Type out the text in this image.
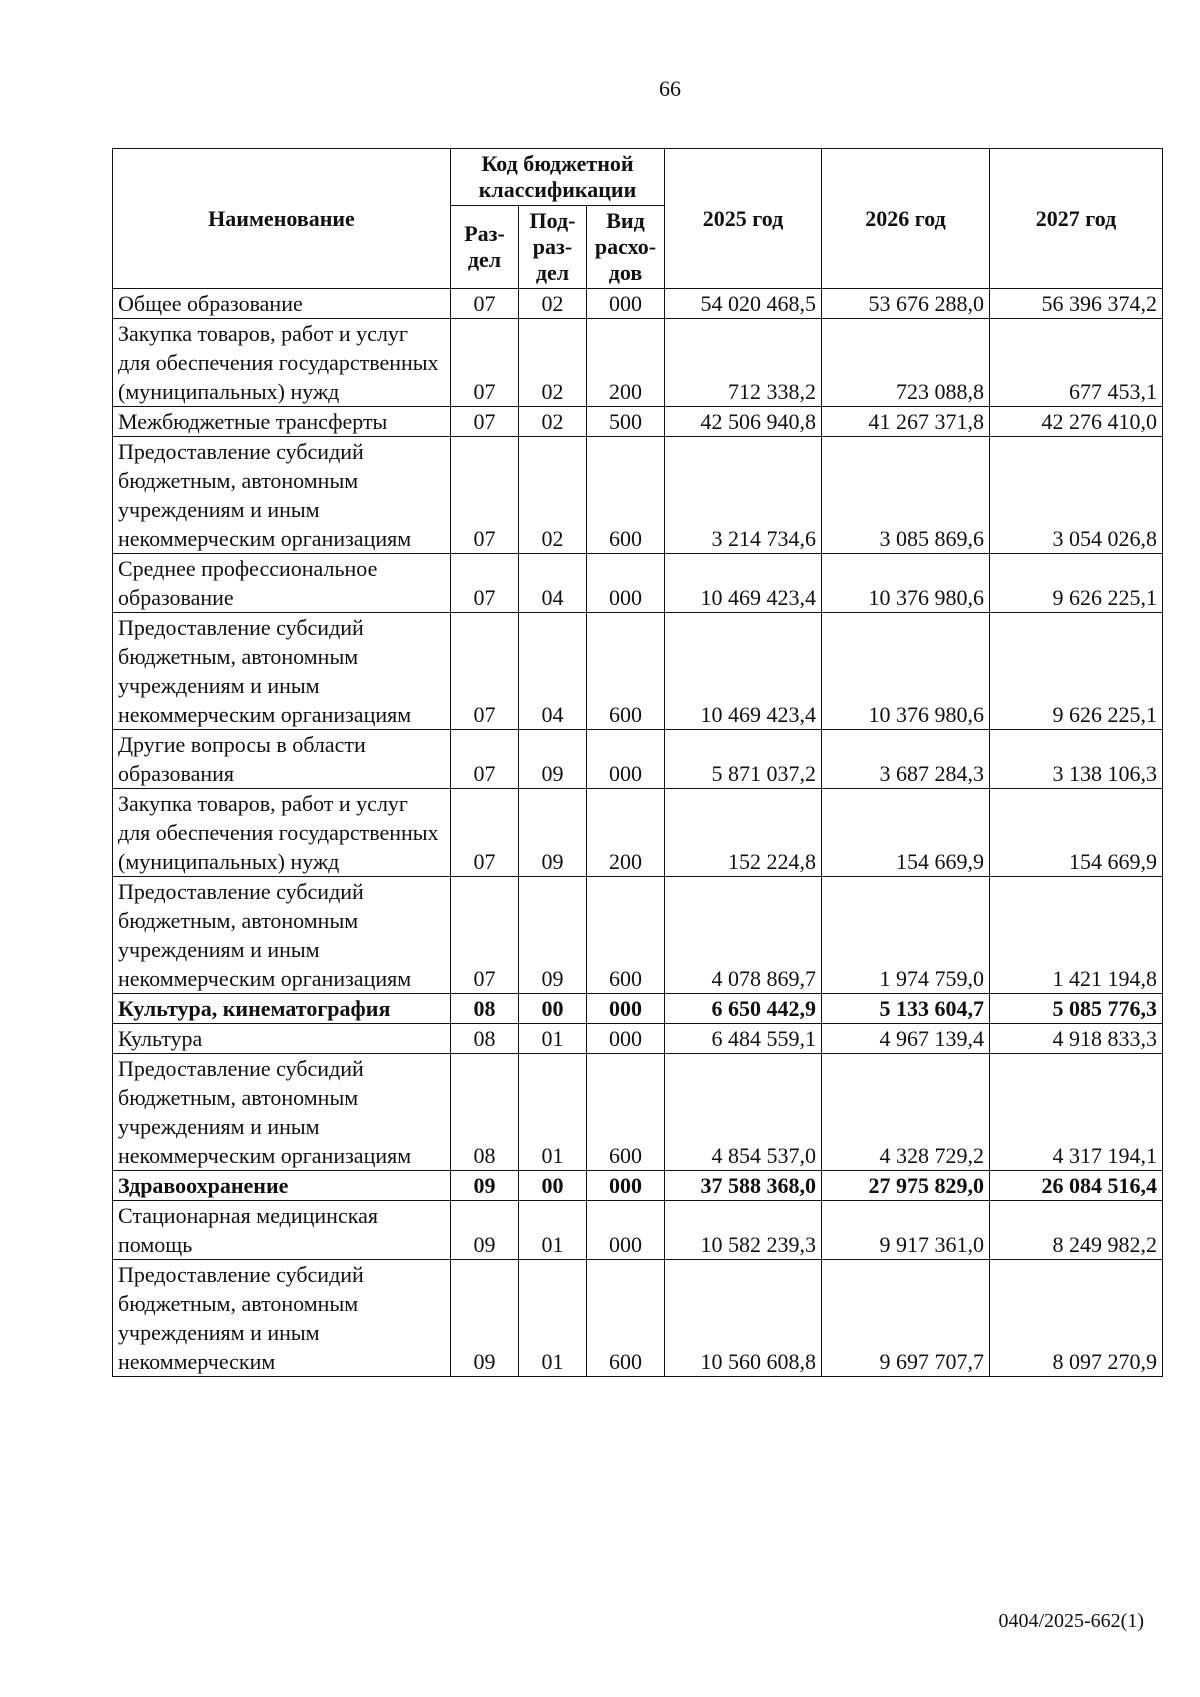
66
Наименование	Код бюджетной классификации			2025 год	2026 год	2027 год
	Раз-дел	Под-раз-дел	Вид расхо-дов			
Общее образование	07	02	000	54 020 468,5	53 676 288,0	56 396 374,2
Закупка товаров, работ и услуг для обеспечения государственных (муниципальных) нужд	07	02	200	712 338,2	723 088,8	677 453,1
Межбюджетные трансферты	07	02	500	42 506 940,8	41 267 371,8	42 276 410,0
Предоставление субсидий бюджетным, автономным учреждениям и иным некоммерческим организациям	07	02	600	3 214 734,6	3 085 869,6	3 054 026,8
Среднее профессиональное образование	07	04	000	10 469 423,4	10 376 980,6	9 626 225,1
Предоставление субсидий бюджетным, автономным учреждениям и иным некоммерческим организациям	07	04	600	10 469 423,4	10 376 980,6	9 626 225,1
Другие вопросы в области образования	07	09	000	5 871 037,2	3 687 284,3	3 138 106,3
Закупка товаров, работ и услуг для обеспечения государственных (муниципальных) нужд	07	09	200	152 224,8	154 669,9	154 669,9
Предоставление субсидий бюджетным, автономным учреждениям и иным некоммерческим организациям	07	09	600	4 078 869,7	1 974 759,0	1 421 194,8
Культура, кинематография	08	00	000	6 650 442,9	5 133 604,7	5 085 776,3
Культура	08	01	000	6 484 559,1	4 967 139,4	4 918 833,3
Предоставление субсидий бюджетным, автономным учреждениям и иным некоммерческим организациям	08	01	600	4 854 537,0	4 328 729,2	4 317 194,1
Здравоохранение	09	00	000	37 588 368,0	27 975 829,0	26 084 516,4
Стационарная медицинская помощь	09	01	000	10 582 239,3	9 917 361,0	8 249 982,2
Предоставление субсидий бюджетным, автономным учреждениям и иным некоммерческим	09	01	600	10 560 608,8	9 697 707,7	8 097 270,9
0404/2025-662(1)
